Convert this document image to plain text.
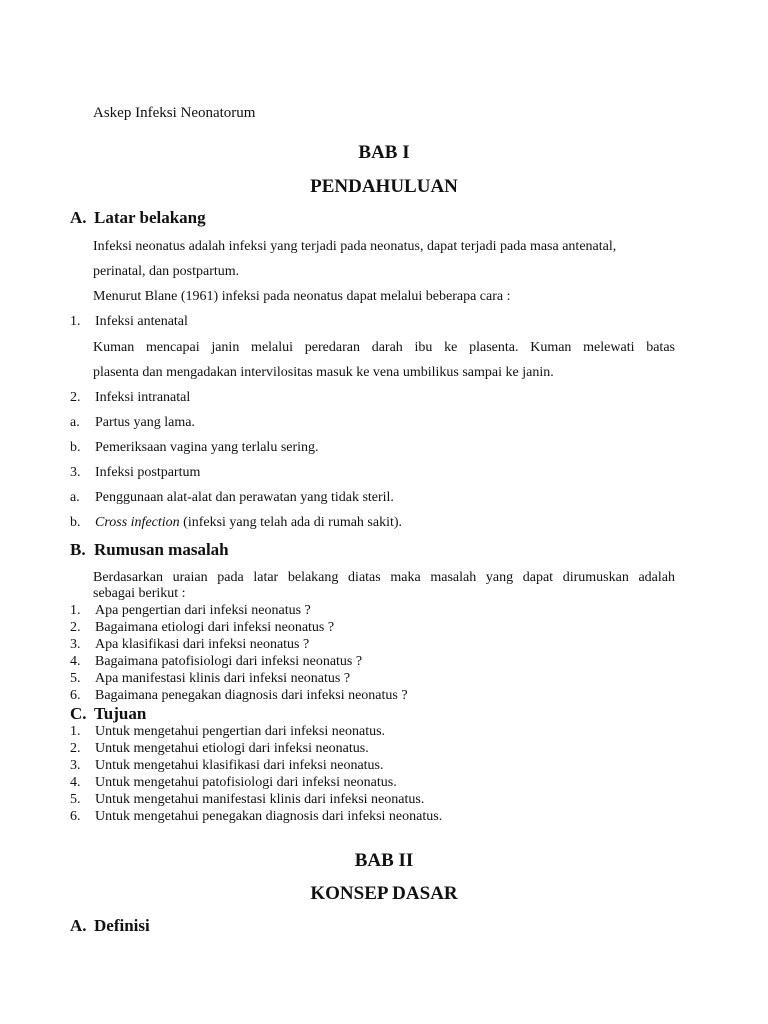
Askep Infeksi Neonatorum
BAB I
PENDAHULUAN
A. Latar belakang
Infeksi neonatus adalah infeksi yang terjadi pada neonatus, dapat terjadi pada masa antenatal,
perinatal, dan postpartum.
Menurut Blane (1961) infeksi pada neonatus dapat melalui beberapa cara :
1. Infeksi antenatal
Kuman mencapai janin melalui peredaran darah ibu ke plasenta. Kuman melewati batas
plasenta dan mengadakan intervilositas masuk ke vena umbilikus sampai ke janin.
2. Infeksi intranatal
a. Partus yang lama.
b. Pemeriksaan vagina yang terlalu sering.
3. Infeksi postpartum
a. Penggunaan alat-alat dan perawatan yang tidak steril.
b. Cross infection (infeksi yang telah ada di rumah sakit).
B. Rumusan masalah
Berdasarkan uraian pada latar belakang diatas maka masalah yang dapat dirumuskan adalah
sebagai berikut :
1. Apa pengertian dari infeksi neonatus ?
2. Bagaimana etiologi dari infeksi neonatus ?
3. Apa klasifikasi dari infeksi neonatus ?
4. Bagaimana patofisiologi dari infeksi neonatus ?
5. Apa manifestasi klinis dari infeksi neonatus ?
6. Bagaimana penegakan diagnosis dari infeksi neonatus ?
C. Tujuan
1. Untuk mengetahui pengertian dari infeksi neonatus.
2. Untuk mengetahui etiologi dari infeksi neonatus.
3. Untuk mengetahui klasifikasi dari infeksi neonatus.
4. Untuk mengetahui patofisiologi dari infeksi neonatus.
5. Untuk mengetahui manifestasi klinis dari infeksi neonatus.
6. Untuk mengetahui penegakan diagnosis dari infeksi neonatus.
BAB II
KONSEP DASAR
A. Definisi
